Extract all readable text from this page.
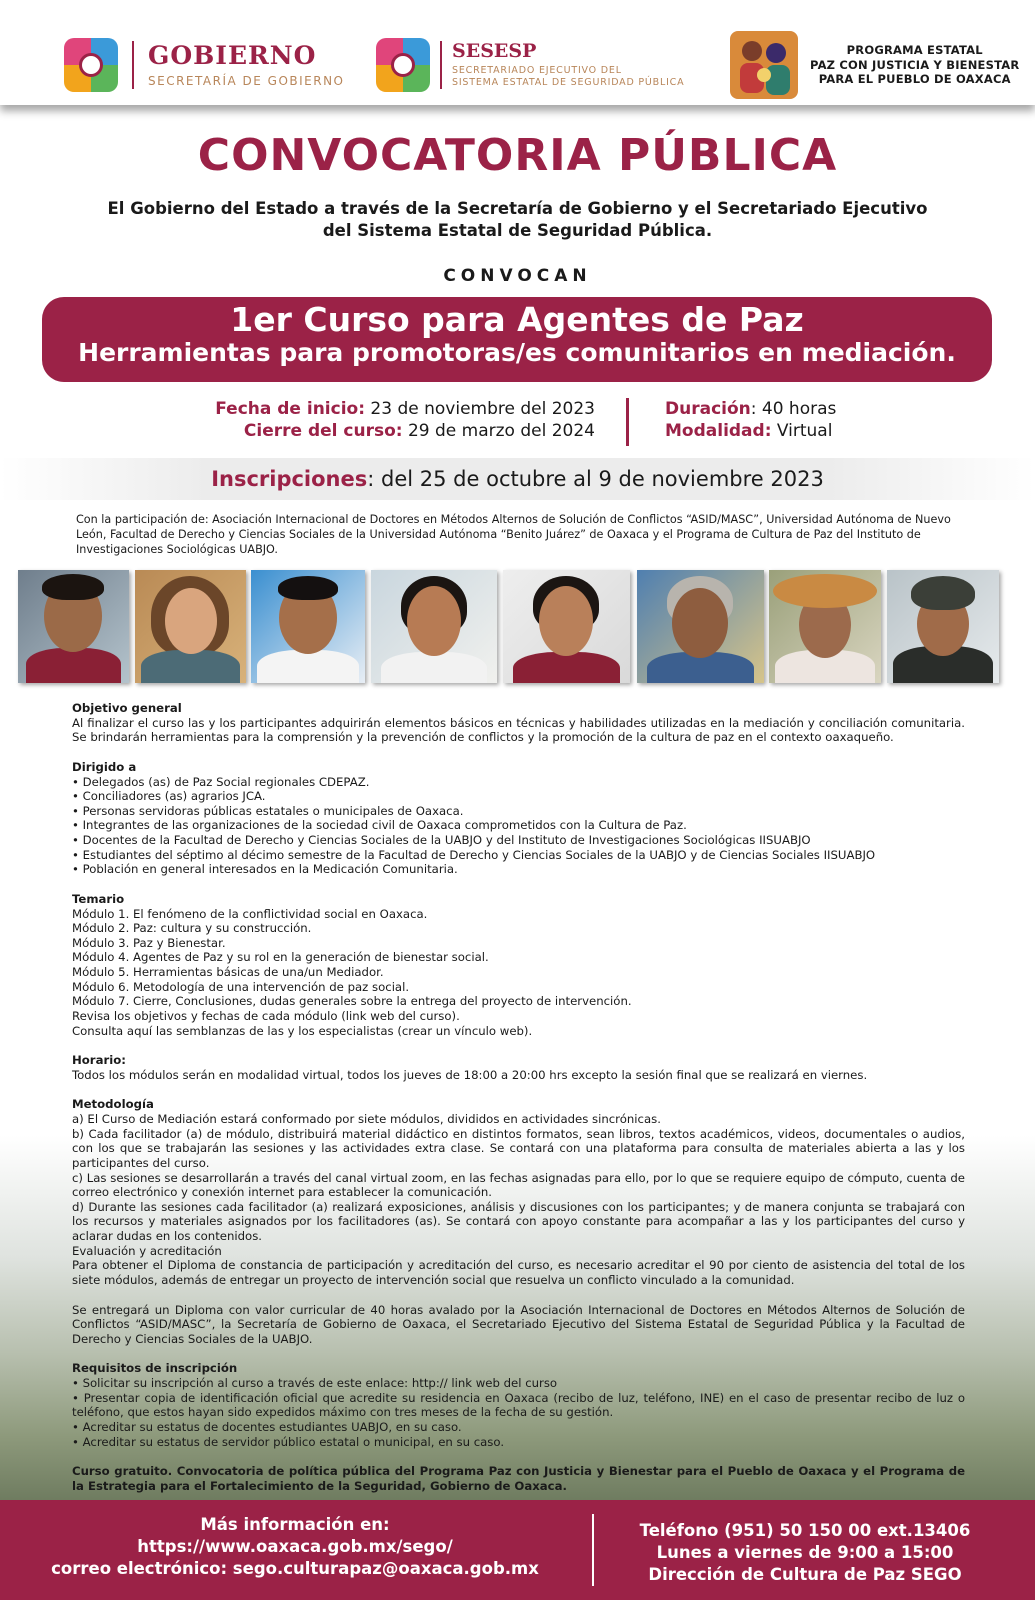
GOBIERNO
SECRETARÍA DE GOBIERNO
SESESP
SECRETARIADO EJECUTIVO DEL
SISTEMA ESTATAL DE SEGURIDAD PÚBLICA
PROGRAMA ESTATAL
PAZ CON JUSTICIA Y BIENESTAR
PARA EL PUEBLO DE OAXACA
CONVOCATORIA PÚBLICA
El Gobierno del Estado a través de la Secretaría de Gobierno y el Secretariado Ejecutivo
del Sistema Estatal de Seguridad Pública.
CONVOCAN
1er Curso para Agentes de Paz
Herramientas para promotoras/es comunitarios en mediación.
Fecha de inicio: 23 de noviembre del 2023
Cierre del curso: 29 de marzo del 2024
Duración: 40 horas
Modalidad: Virtual
Inscripciones: del 25 de octubre al 9 de noviembre 2023
Con la participación de: Asociación Internacional de Doctores en Métodos Alternos de Solución de Conflictos “ASID/MASC”, Universidad Autónoma de Nuevo León, Facultad de Derecho y Ciencias Sociales de la Universidad Autónoma “Benito Juárez” de Oaxaca y el Programa de Cultura de Paz del Instituto de Investigaciones Sociológicas UABJO.
Objetivo general

Al finalizar el curso las y los participantes adquirirán elementos básicos en técnicas y habilidades utilizadas en la mediación y conciliación comunitaria. Se brindarán herramientas para la comprensión y la prevención de conflictos y la promoción de la cultura de paz en el contexto oaxaqueño.

Dirigido a
• Delegados (as) de Paz Social regionales CDEPAZ.
• Conciliadores (as) agrarios JCA.
• Personas servidoras públicas estatales o municipales de Oaxaca.
• Integrantes de las organizaciones de la sociedad civil de Oaxaca comprometidos con la Cultura de Paz.
• Docentes de la Facultad de Derecho y Ciencias Sociales de la UABJO y del Instituto de Investigaciones Sociológicas IISUABJO
• Estudiantes del séptimo al décimo semestre de la Facultad de Derecho y Ciencias Sociales de la UABJO y de Ciencias Sociales IISUABJO
• Población en general interesados en la Medicación Comunitaria.
Temario
Módulo 1. El fenómeno de la conflictividad social en Oaxaca.
Módulo 2. Paz: cultura y su construcción.
Módulo 3. Paz y Bienestar.
Módulo 4. Agentes de Paz y su rol en la generación de bienestar social.
Módulo 5. Herramientas básicas de una/un Mediador.
Módulo 6. Metodología de una intervención de paz social.
Módulo 7. Cierre, Conclusiones, dudas generales sobre la entrega del proyecto de intervención.
Revisa los objetivos y fechas de cada módulo (link web del curso).
Consulta aquí las semblanzas de las y los especialistas (crear un vínculo web).
Horario:

Todos los módulos serán en modalidad virtual, todos los jueves de 18:00 a 20:00 hrs excepto la sesión final que se realizará en viernes.

Metodología

a) El Curso de Mediación estará conformado por siete módulos, divididos en actividades sincrónicas.

b) Cada facilitador (a) de módulo, distribuirá material didáctico en distintos formatos, sean libros, textos académicos, videos, documentales o audios, con los que se trabajarán las sesiones y las actividades extra clase. Se contará con una plataforma para consulta de materiales abierta a las y los participantes del curso.

c) Las sesiones se desarrollarán a través del canal virtual zoom, en las fechas asignadas para ello, por lo que se requiere equipo de cómputo, cuenta de correo electrónico y conexión internet para establecer la comunicación.

d) Durante las sesiones cada facilitador (a) realizará exposiciones, análisis y discusiones con los participantes; y de manera conjunta se trabajará con los recursos y materiales asignados por los facilitadores (as). Se contará con apoyo constante para acompañar a las y los participantes del curso y aclarar dudas en los contenidos.

Evaluación y acreditación

Para obtener el Diploma de constancia de participación y acreditación del curso, es necesario acreditar el 90 por ciento de asistencia del total de los siete módulos, además de entregar un proyecto de intervención social que resuelva un conflicto vinculado a la comunidad.

Se entregará un Diploma con valor curricular de 40 horas avalado por la Asociación Internacional de Doctores en Métodos Alternos de Solución de Conflictos “ASID/MASC”, la Secretaría de Gobierno de Oaxaca, el Secretariado Ejecutivo del Sistema Estatal de Seguridad Pública y la Facultad de Derecho y Ciencias Sociales de la UABJO.

Requisitos de inscripción

• Solicitar su inscripción al curso a través de este enlace: http:// link web del curso

• Presentar copia de identificación oficial que acredite su residencia en Oaxaca (recibo de luz, teléfono, INE) en el caso de presentar recibo de luz o teléfono, que estos hayan sido expedidos máximo con tres meses de la fecha de su gestión.

• Acreditar su estatus de docentes estudiantes UABJO, en su caso.

• Acreditar su estatus de servidor público estatal o municipal, en su caso.

Curso gratuito. Convocatoria de política pública del Programa Paz con Justicia y Bienestar para el Pueblo de Oaxaca y el Programa de la Estrategia para el Fortalecimiento de la Seguridad, Gobierno de Oaxaca.

Más información en:
https://www.oaxaca.gob.mx/sego/
correo electrónico: sego.culturapaz@oaxaca.gob.mx
Teléfono (951) 50 150 00 ext.13406
Lunes a viernes de 9:00 a 15:00
Dirección de Cultura de Paz SEGO
